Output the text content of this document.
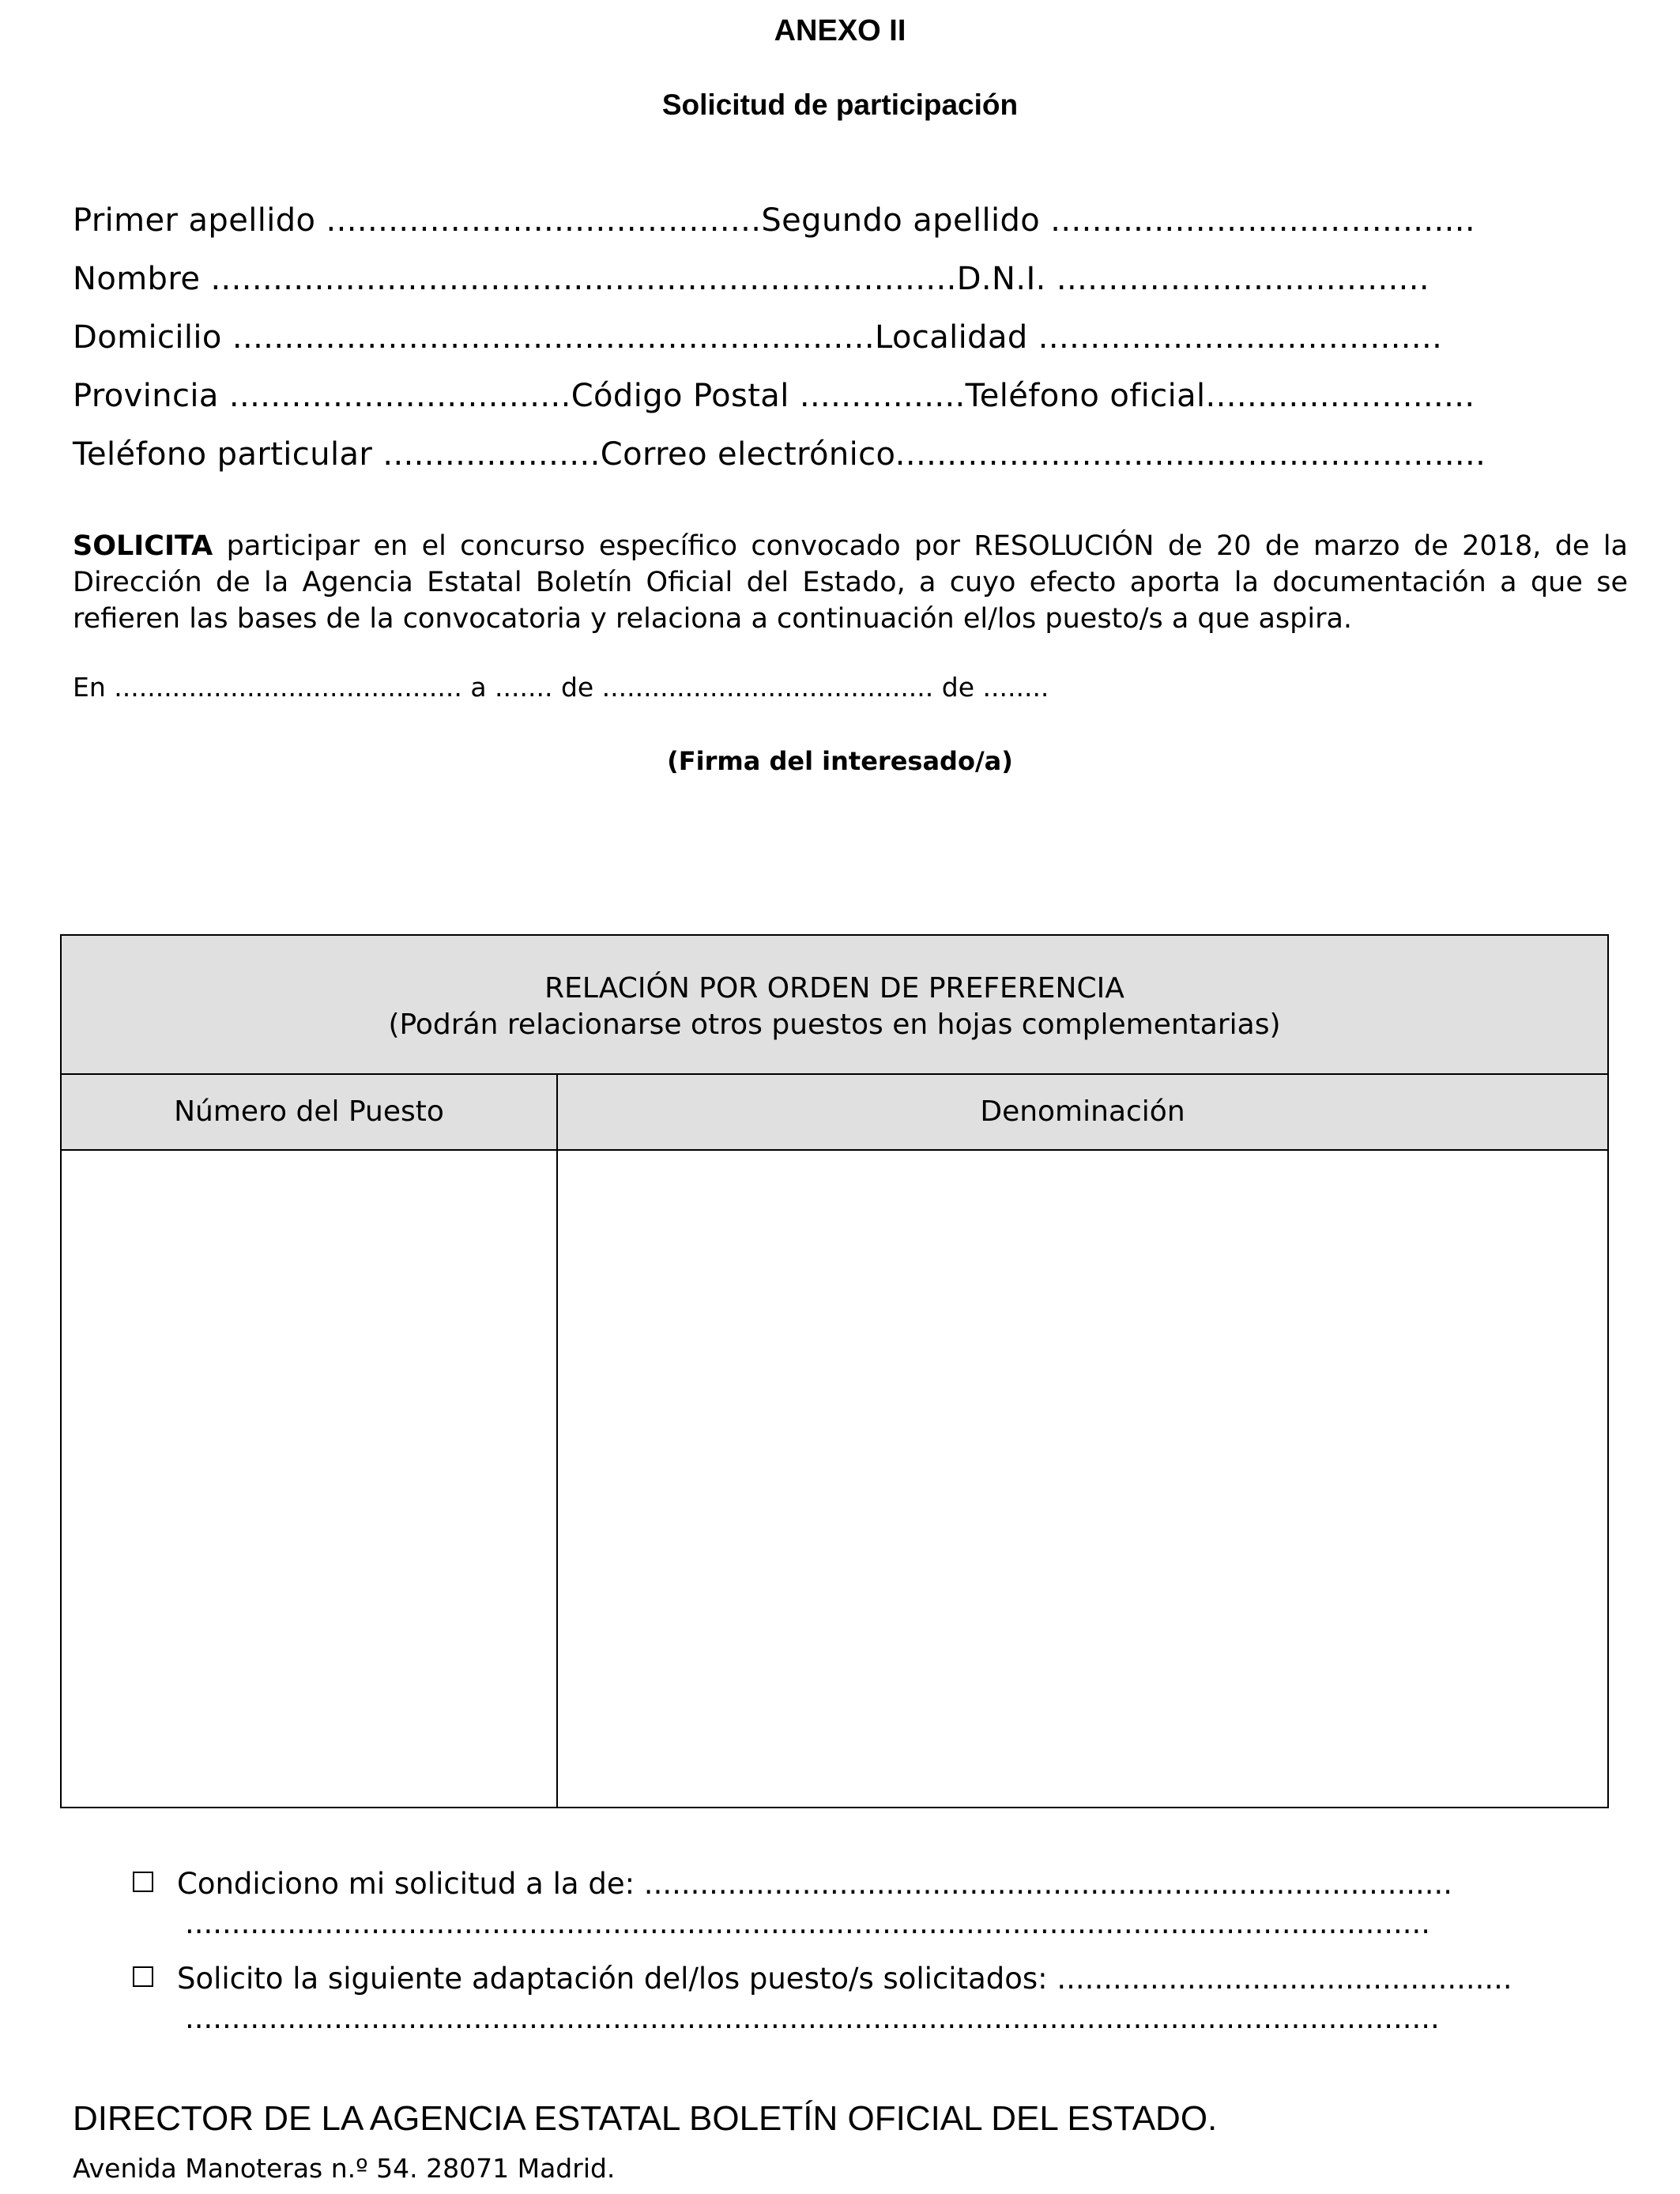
ANEXO II
Solicitud de participación
Primer apellido ..........................................Segundo apellido .........................................
Nombre ........................................................................D.N.I. ....................................
Domicilio ..............................................................Localidad .......................................
Provincia .................................Código Postal ................Teléfono oficial..........................
Teléfono particular .....................Correo electrónico.........................................................
SOLICITA participar en el concurso específico convocado por RESOLUCIÓN de 20 de marzo de 2018, de la Dirección de la Agencia Estatal Boletín Oficial del Estado, a cuyo efecto aporta la documentación a que se refieren las bases de la convocatoria y relaciona a continuación el/los puesto/s a que aspira.
En .......................................... a ....... de ........................................ de ........
(Firma del interesado/a)
RELACIÓN POR ORDEN DE PREFERENCIA
(Podrán relacionarse otros puestos en hojas complementarias)
Número del Puesto	Denominación
Condiciono mi solicitud a la de: .......................................................................................
......................................................................................................................................
Solicito la siguiente adaptación del/los puesto/s solicitados: .................................................
.......................................................................................................................................
DIRECTOR DE LA AGENCIA ESTATAL BOLETÍN OFICIAL DEL ESTADO.
Avenida Manoteras n.º 54. 28071 Madrid.
